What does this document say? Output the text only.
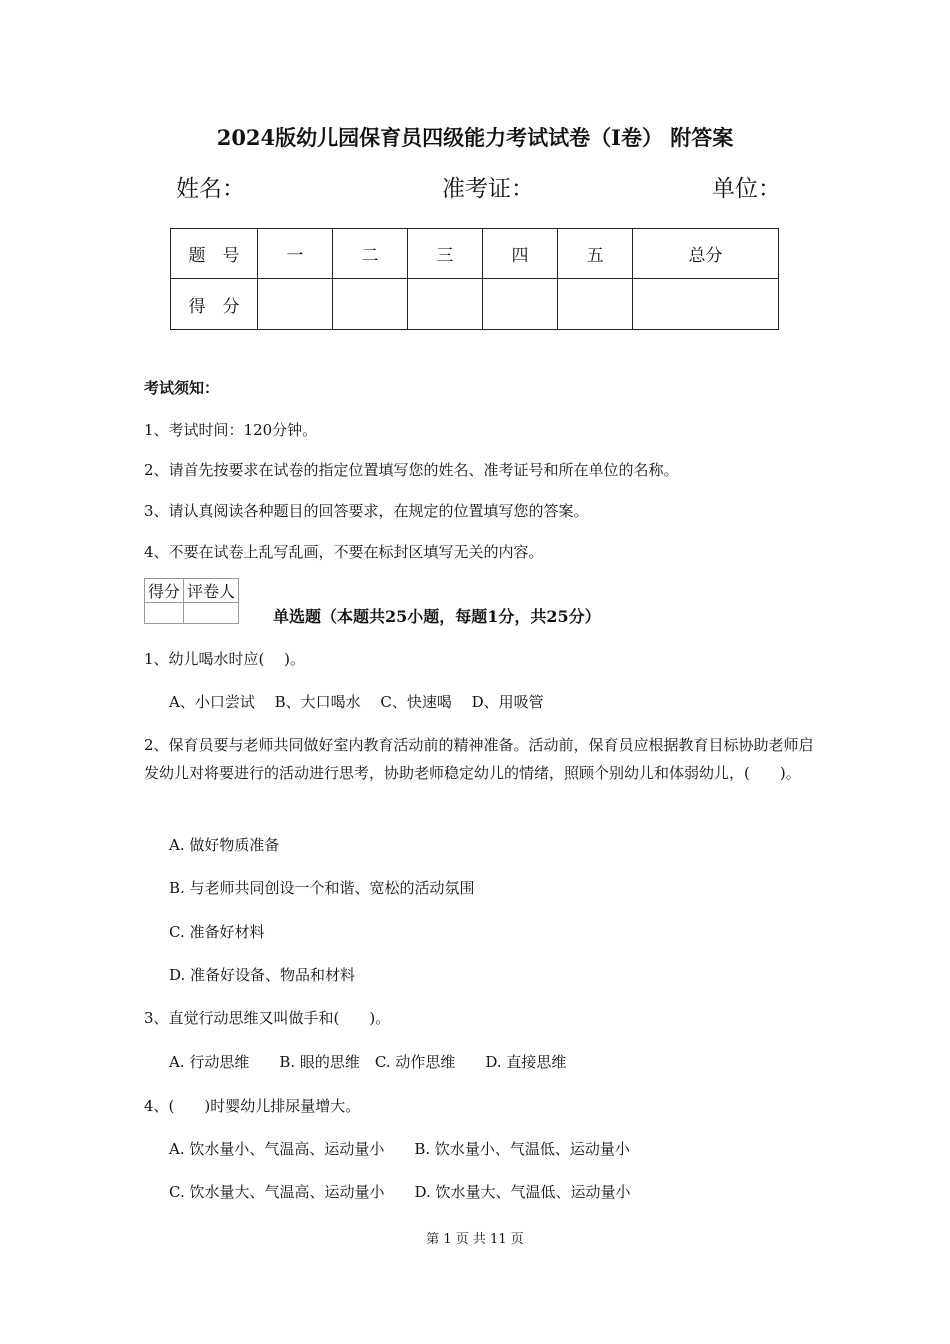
2024版幼儿园保育员四级能力考试试卷（I卷） 附答案
姓名：	准考证：	单位：
题　号	一	二	三	四	五	总分
得　分						
考试须知：
1、考试时间：120分钟。
2、请首先按要求在试卷的指定位置填写您的姓名、准考证号和所在单位的名称。
3、请认真阅读各种题目的回答要求，在规定的位置填写您的答案。
4、不要在试卷上乱写乱画，不要在标封区填写无关的内容。
得分	评卷人

单选题（本题共25小题，每题1分，共25分）
1、幼儿喝水时应(　 )。
A、小口尝试　 B、大口喝水　 C、快速喝　 D、用吸管
2、保育员要与老师共同做好室内教育活动前的精神准备。活动前，保育员应根据教育目标协助老师启发幼儿对将要进行的活动进行思考，协助老师稳定幼儿的情绪，照顾个别幼儿和体弱幼儿，(　　)。
A. 做好物质准备
B. 与老师共同创设一个和谐、宽松的活动氛围
C. 准备好材料
D. 准备好设备、物品和材料
3、直觉行动思维又叫做手和(　　)。
A. 行动思维　　B. 眼的思维　C. 动作思维　　D. 直接思维
4、(　　)时婴幼儿排尿量增大。
A. 饮水量小、气温高、运动量小　　B. 饮水量小、气温低、运动量小
C. 饮水量大、气温高、运动量小　　D. 饮水量大、气温低、运动量小
第 1 页 共 11 页
